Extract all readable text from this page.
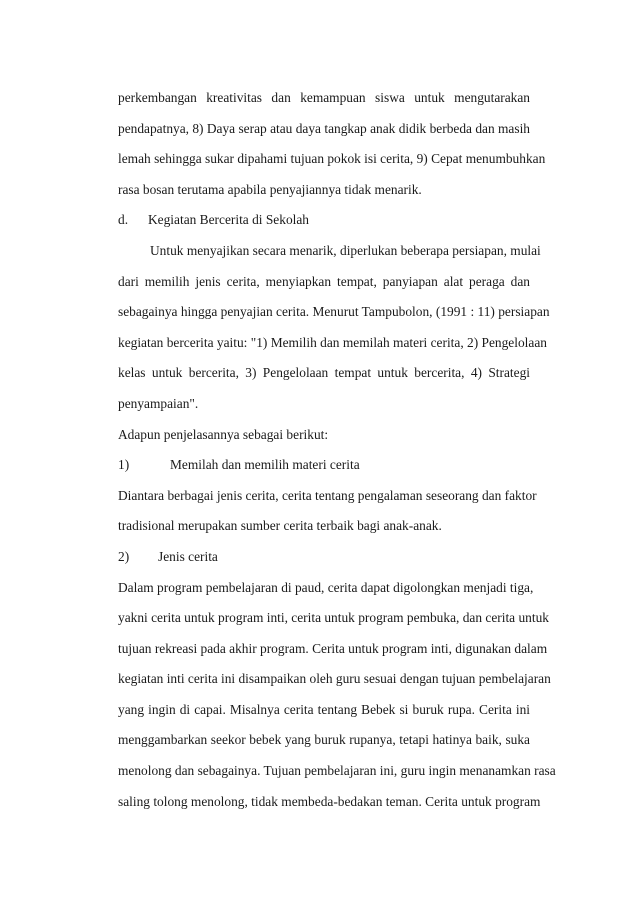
perkembangan kreativitas dan kemampuan siswa untuk mengutarakan
pendapatnya, 8) Daya serap atau daya tangkap anak didik berbeda dan masih
lemah sehingga sukar dipahami tujuan pokok isi cerita, 9) Cepat menumbuhkan
rasa bosan terutama apabila penyajiannya tidak menarik.
d. Kegiatan Bercerita di Sekolah
Untuk menyajikan secara menarik, diperlukan beberapa persiapan, mulai
dari memilih jenis cerita, menyiapkan tempat, panyiapan alat peraga dan
sebagainya hingga penyajian cerita. Menurut Tampubolon, (1991 : 11) persiapan
kegiatan bercerita yaitu: "1) Memilih dan memilah materi cerita, 2) Pengelolaan
kelas untuk bercerita, 3) Pengelolaan tempat untuk bercerita, 4) Strategi
penyampaian".
Adapun penjelasannya sebagai berikut:
1)	Memilah dan memilih materi cerita
Diantara berbagai jenis cerita, cerita tentang pengalaman seseorang dan faktor
tradisional merupakan sumber cerita terbaik bagi anak-anak.
2) Jenis cerita
Dalam program pembelajaran di paud, cerita dapat digolongkan menjadi tiga,
yakni cerita untuk program inti, cerita untuk program pembuka, dan cerita untuk
tujuan rekreasi pada akhir program. Cerita untuk program inti, digunakan dalam
kegiatan inti cerita ini disampaikan oleh guru sesuai dengan tujuan pembelajaran
yang ingin di capai. Misalnya cerita tentang Bebek si buruk rupa. Cerita ini
menggambarkan seekor bebek yang buruk rupanya, tetapi hatinya baik, suka
menolong dan sebagainya. Tujuan pembelajaran ini, guru ingin menanamkan rasa
saling tolong menolong, tidak membeda-bedakan teman. Cerita untuk program
